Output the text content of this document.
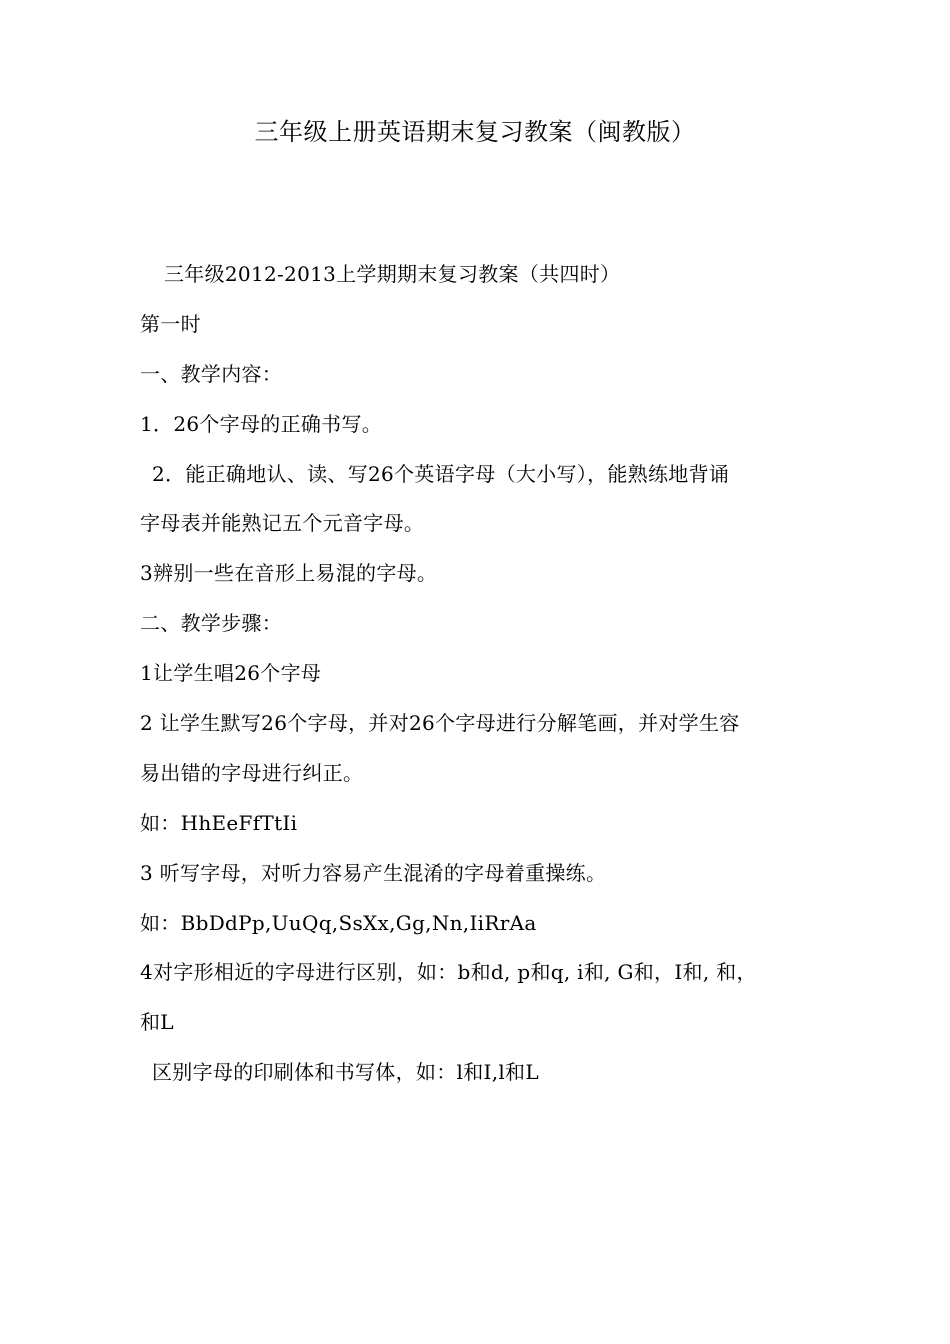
三年级上册英语期末复习教案（闽教版）
三年级2012-2013上学期期末复习教案（共四时）
第一时
一、教学内容：
1．26个字母的正确书写。
2．能正确地认、读、写26个英语字母（大小写），能熟练地背诵
字母表并能熟记五个元音字母。
3辨别一些在音形上易混的字母。
二、教学步骤：
1让学生唱26个字母
2 让学生默写26个字母，并对26个字母进行分解笔画，并对学生容
易出错的字母进行纠正。
如：HhEeFfTtIi
3 听写字母，对听力容易产生混淆的字母着重操练。
如：BbDdPp,UuQq,SsXx,Gg,Nn,IiRrAa
4对字形相近的字母进行区别，如：b和d, p和q, i和, G和，I和, 和，
和L
区别字母的印刷体和书写体，如：l和I,l和L
